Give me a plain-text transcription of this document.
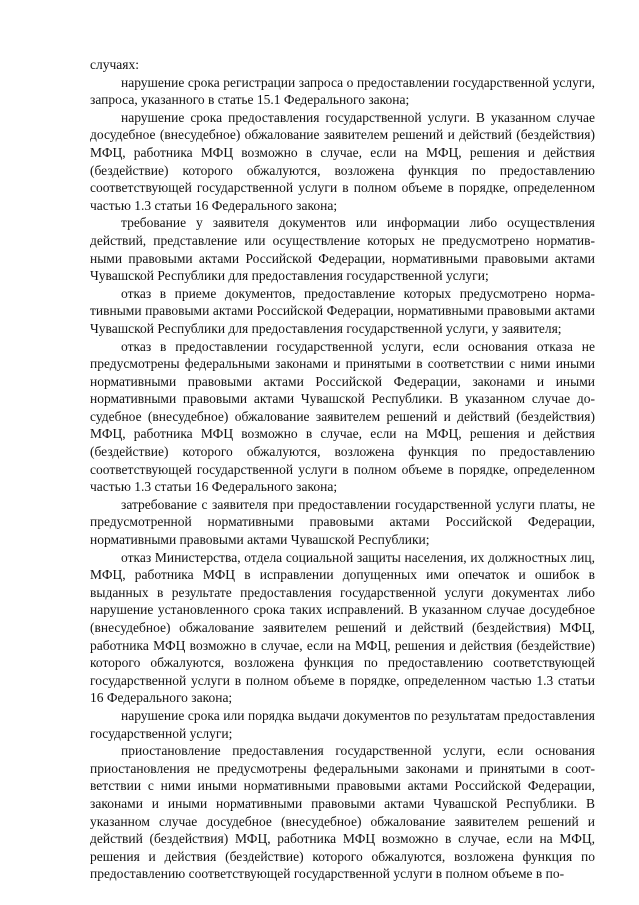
случаях:

нарушение срока регистрации запроса о предоставлении государственной услуги, запроса, указанного в статье 15.1 Федерального закона;

нарушение срока предоставления государственной услуги. В указанном случае досудебное (внесудебное) обжалование заявителем решений и действий (бездействия) МФЦ, работника МФЦ возможно в случае, если на МФЦ, решения и действия (бездействие) которого обжалуются, возложена функция по предоставлению соответствующей государственной услуги в полном объеме в порядке, определенном частью 1.3 статьи 16 Федерального закона;

требование у заявителя документов или информации либо осуществления действий, представление или осуществление которых не предусмотрено нормативными правовыми актами Российской Федерации, нормативными правовыми актами Чувашской Республики для предоставления государственной услуги;

отказ в приеме документов, предоставление которых предусмотрено нормативными правовыми актами Российской Федерации, нормативными правовыми актами Чувашской Республики для предоставления государственной услуги, у заявителя;

отказ в предоставлении государственной услуги, если основания отказа не предусмотрены федеральными законами и принятыми в соответствии с ними иными нормативными правовыми актами Российской Федерации, законами и иными нормативными правовыми актами Чувашской Республики. В указанном случае досудебное (внесудебное) обжалование заявителем решений и действий (бездействия) МФЦ, работника МФЦ возможно в случае, если на МФЦ, решения и действия (бездействие) которого обжалуются, возложена функция по предоставлению соответствующей государственной услуги в полном объеме в порядке, определенном частью 1.3 статьи 16 Федерального закона;

затребование с заявителя при предоставлении государственной услуги платы, не предусмотренной нормативными правовыми актами Российской Федерации, нормативными правовыми актами Чувашской Республики;

отказ Министерства, отдела социальной защиты населения, их должностных лиц, МФЦ, работника МФЦ в исправлении допущенных ими опечаток и ошибок в выданных в результате предоставления государственной услуги документах либо нарушение установленного срока таких исправлений. В указанном случае досудебное (внесудебное) обжалование заявителем решений и действий (бездействия) МФЦ, работника МФЦ возможно в случае, если на МФЦ, решения и действия (бездействие) которого обжалуются, возложена функция по предоставлению соответствующей государственной услуги в полном объеме в порядке, определенном частью 1.3 статьи 16 Федерального закона;

нарушение срока или порядка выдачи документов по результатам предоставления государственной услуги;

приостановление предоставления государственной услуги, если основания приостановления не предусмотрены федеральными законами и принятыми в соответствии с ними иными нормативными правовыми актами Российской Федерации, законами и иными нормативными правовыми актами Чувашской Республики. В указанном случае досудебное (внесудебное) обжалование заявителем решений и действий (бездействия) МФЦ, работника МФЦ возможно в случае, если на МФЦ, решения и действия (бездействие) которого обжалуются, возложена функция по предоставлению соответствующей государственной услуги в полном объеме в по-
